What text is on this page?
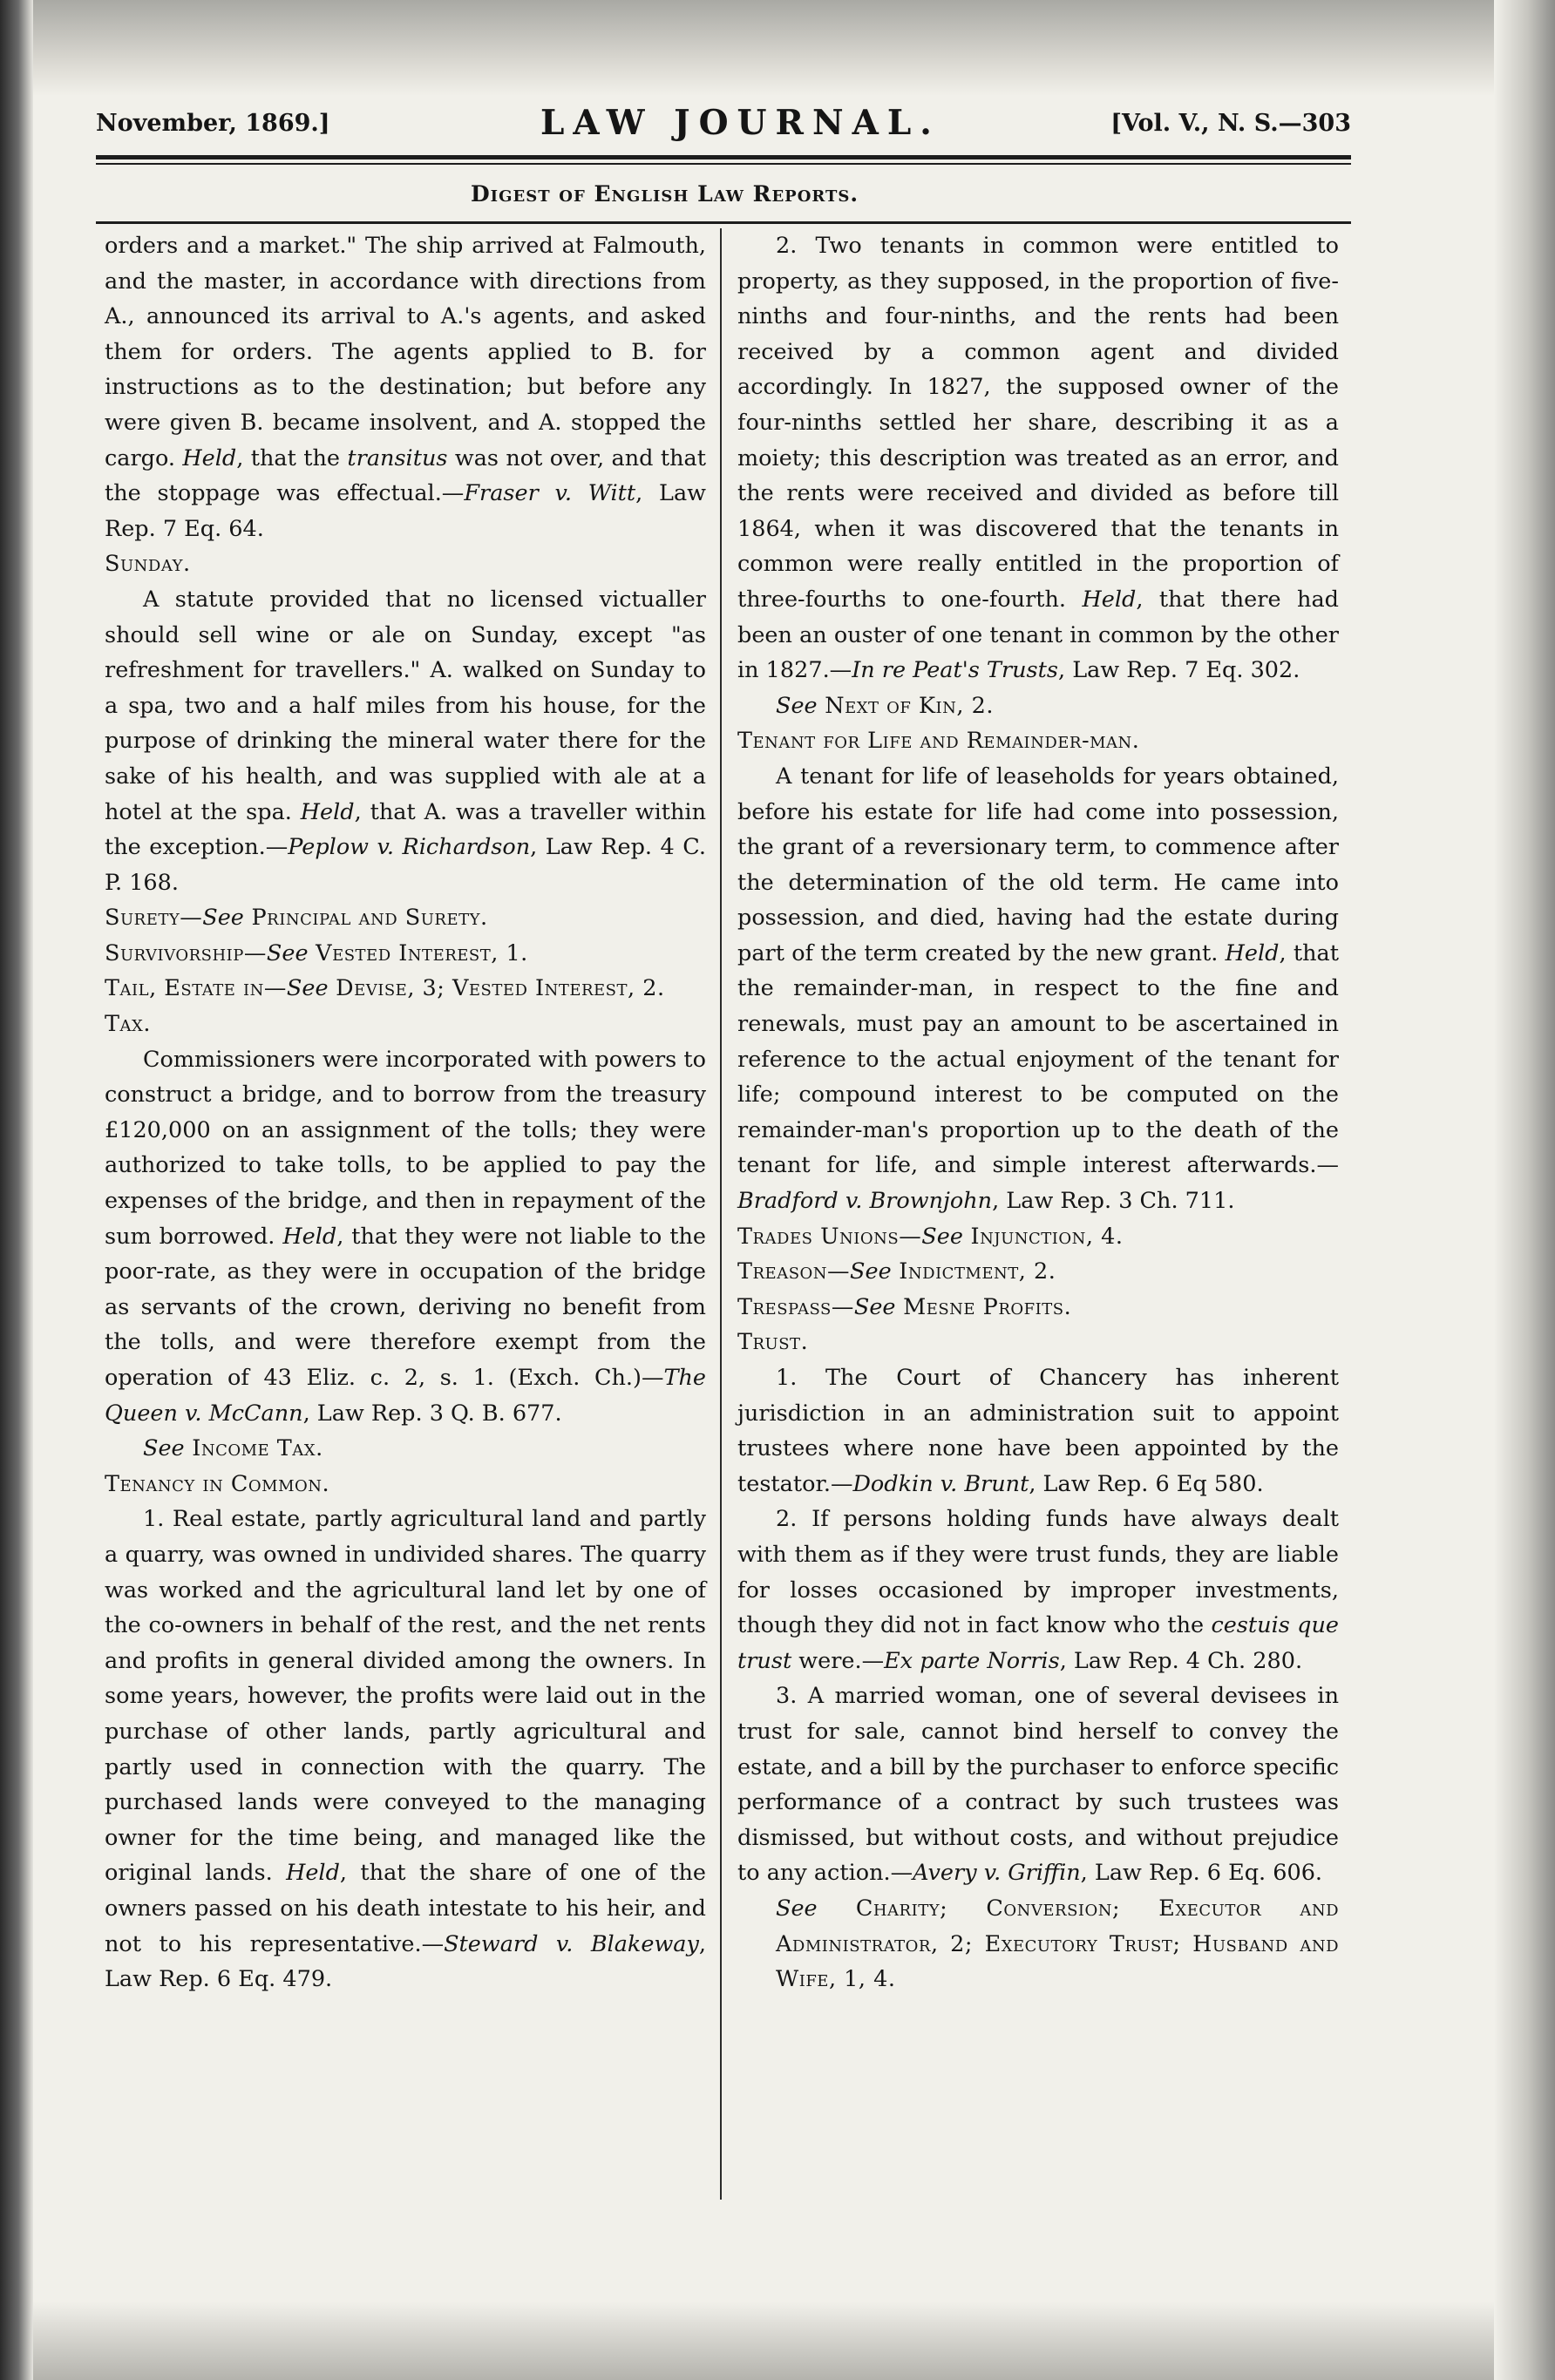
November, 1869.]	LAW JOURNAL.	[Vol. V., N. S.—303
Digest of English Law Reports.

orders and a market." The ship arrived at Falmouth, and the master, in accordance with directions from A., announced its arrival to A.'s agents, and asked them for orders. The agents applied to B. for instructions as to the destination; but before any were given B. became insolvent, and A. stopped the cargo. Held, that the transitus was not over, and that the stoppage was effectual.—Fraser v. Witt, Law Rep. 7 Eq. 64.

Sunday.

A statute provided that no licensed victualler should sell wine or ale on Sunday, except "as refreshment for travellers." A. walked on Sunday to a spa, two and a half miles from his house, for the purpose of drinking the mineral water there for the sake of his health, and was supplied with ale at a hotel at the spa. Held, that A. was a traveller within the exception.—Peplow v. Richardson, Law Rep. 4 C. P. 168.

Surety—See Principal and Surety.

Survivorship—See Vested Interest, 1.

Tail, Estate in—See Devise, 3; Vested Interest, 2.

Tax.

Commissioners were incorporated with powers to construct a bridge, and to borrow from the treasury £120,000 on an assignment of the tolls; they were authorized to take tolls, to be applied to pay the expenses of the bridge, and then in repayment of the sum borrowed. Held, that they were not liable to the poor-rate, as they were in occupation of the bridge as servants of the crown, deriving no benefit from the tolls, and were therefore exempt from the operation of 43 Eliz. c. 2, s. 1. (Exch. Ch.)—The Queen v. McCann, Law Rep. 3 Q. B. 677.

See Income Tax.

Tenancy in Common.

1. Real estate, partly agricultural land and partly a quarry, was owned in undivided shares. The quarry was worked and the agricultural land let by one of the co-owners in behalf of the rest, and the net rents and profits in general divided among the owners. In some years, however, the profits were laid out in the purchase of other lands, partly agricultural and partly used in connection with the quarry. The purchased lands were conveyed to the managing owner for the time being, and managed like the original lands. Held, that the share of one of the owners passed on his death intestate to his heir, and not to his representative.—Steward v. Blakeway, Law Rep. 6 Eq. 479.

2. Two tenants in common were entitled to property, as they supposed, in the proportion of five-ninths and four-ninths, and the rents had been received by a common agent and divided accordingly. In 1827, the supposed owner of the four-ninths settled her share, describing it as a moiety; this description was treated as an error, and the rents were received and divided as before till 1864, when it was discovered that the tenants in common were really entitled in the proportion of three-fourths to one-fourth. Held, that there had been an ouster of one tenant in common by the other in 1827.—In re Peat's Trusts, Law Rep. 7 Eq. 302.

See Next of Kin, 2.

Tenant for Life and Remainder-man.

A tenant for life of leaseholds for years obtained, before his estate for life had come into possession, the grant of a reversionary term, to commence after the determination of the old term. He came into possession, and died, having had the estate during part of the term created by the new grant. Held, that the remainder-man, in respect to the fine and renewals, must pay an amount to be ascertained in reference to the actual enjoyment of the tenant for life; compound interest to be computed on the remainder-man's proportion up to the death of the tenant for life, and simple interest afterwards.—Bradford v. Brownjohn, Law Rep. 3 Ch. 711.

Trades Unions—See Injunction, 4.

Treason—See Indictment, 2.

Trespass—See Mesne Profits.

Trust.

1. The Court of Chancery has inherent jurisdiction in an administration suit to appoint trustees where none have been appointed by the testator.—Dodkin v. Brunt, Law Rep. 6 Eq 580.

2. If persons holding funds have always dealt with them as if they were trust funds, they are liable for losses occasioned by improper investments, though they did not in fact know who the cestuis que trust were.—Ex parte Norris, Law Rep. 4 Ch. 280.

3. A married woman, one of several devisees in trust for sale, cannot bind herself to convey the estate, and a bill by the purchaser to enforce specific performance of a contract by such trustees was dismissed, but without costs, and without prejudice to any action.—Avery v. Griffin, Law Rep. 6 Eq. 606.

See Charity; Conversion; Executor and Administrator, 2; Executory Trust; Husband and Wife, 1, 4.
